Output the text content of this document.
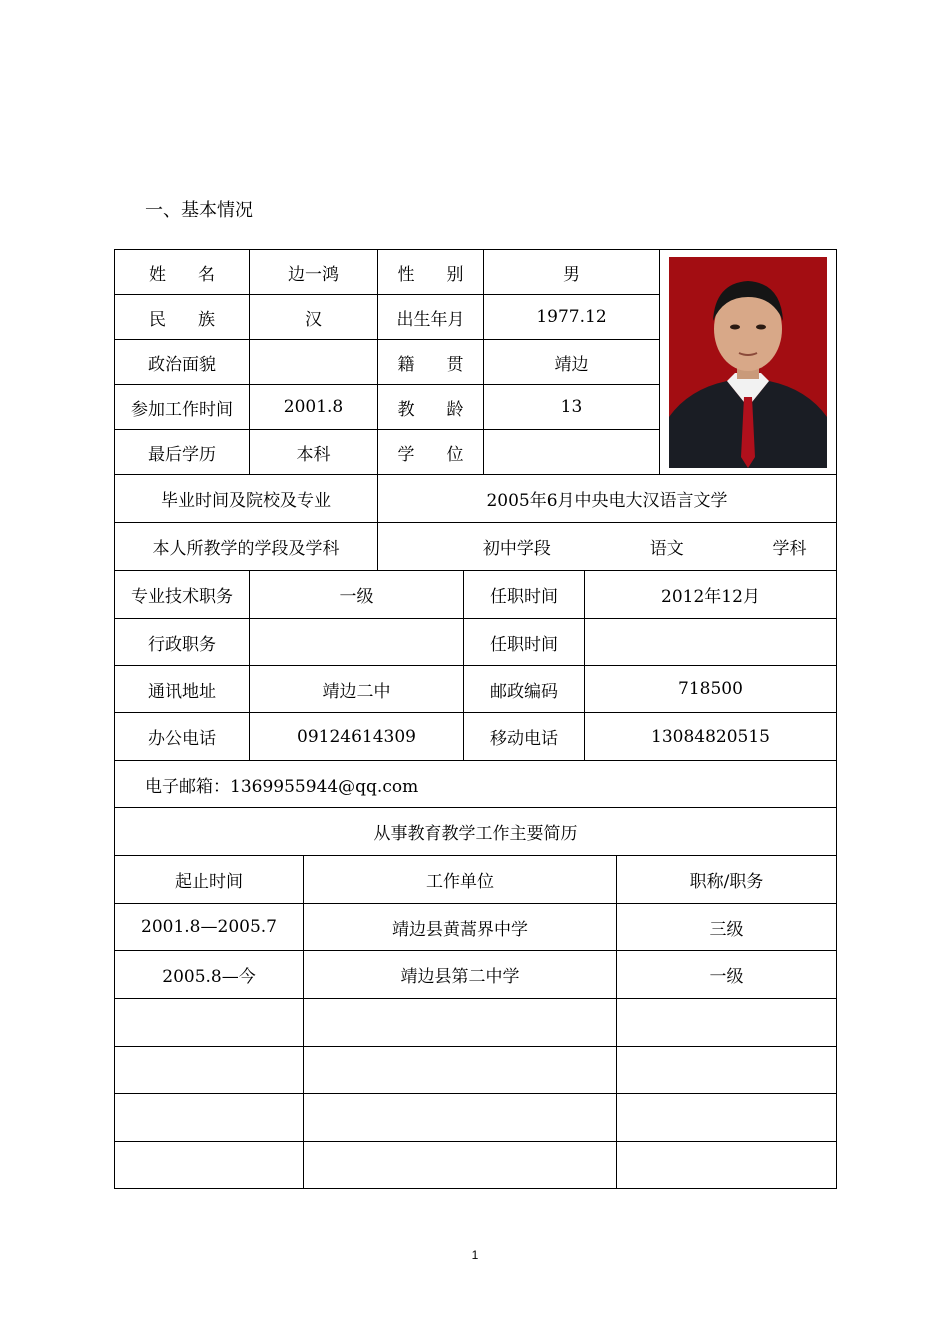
一、基本情况
姓 名	边一鸿	性 别	男	

民 族	汉	出生年月	1977.12	
政治面貌		籍 贯	靖边	
参加工作时间	2001.8	教 龄	13	
最后学历	本科	学 位		
毕业时间及院校及专业		2005年6月中央电大汉语言文学		
本人所教学的学段及学科		初中学段 语文 学科		
专业技术职务	一级	任职时间	2012年12月
行政职务		任职时间	
通讯地址	靖边二中	邮政编码	718500
办公电话	09124614309	移动电话	13084820515
电子邮箱：1369955944@qq.com			
从事教育教学工作主要简历			
起止时间	工作单位	职称/职务
2001.8—2005.7	靖边县黄蒿界中学	三级
2005.8—今	靖边县第二中学	一级

1
